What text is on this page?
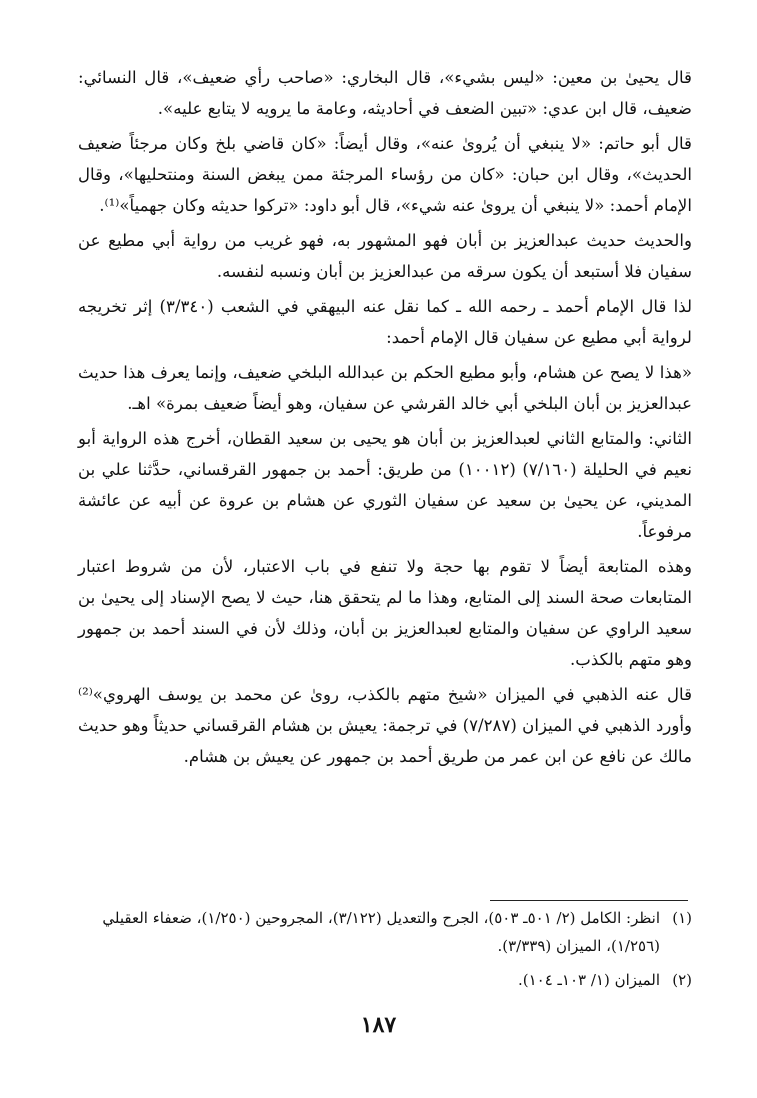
قال يحيىٰ بن معين: «ليس بشيء»، قال البخاري: «صاحب رأي ضعيف»، قال النسائي: ضعيف، قال ابن عدي: «تبين الضعف في أحاديثه، وعامة ما يرويه لا يتابع عليه».

قال أبو حاتم: «لا ينبغي أن يُروىٰ عنه»، وقال أيضاً: «كان قاضي بلخ وكان مرجئاً ضعيف الحديث»، وقال ابن حبان: «كان من رؤساء المرجئة ممن يبغض السنة ومنتحليها»، وقال الإمام أحمد: «لا ينبغي أن يروىٰ عنه شيء»، قال أبو داود: «تركوا حديثه وكان جهمياً»⁽¹⁾.

والحديث حديث عبدالعزيز بن أبان فهو المشهور به، فهو غريب من رواية أبي مطيع عن سفيان فلا أستبعد أن يكون سرقه من عبدالعزيز بن أبان ونسبه لنفسه.

لذا قال الإمام أحمد ـ رحمه الله ـ كما نقل عنه البيهقي في الشعب (٣/٣٤٠) إثر تخريجه لرواية أبي مطيع عن سفيان قال الإمام أحمد:

«هذا لا يصح عن هشام، وأبو مطيع الحكم بن عبدالله البلخي ضعيف، وإنما يعرف هذا حديث عبدالعزيز بن أبان البلخي أبي خالد القرشي عن سفيان، وهو أيضاً ضعيف بمرة» اهـ.

الثاني: والمتابع الثاني لعبدالعزيز بن أبان هو يحيى بن سعيد القطان، أخرج هذه الرواية أبو نعيم في الحليلة (٧/١٦٠) (١٠٠١٢) من طريق: أحمد بن جمهور القرقساني، حدَّثنا علي بن المديني، عن يحيىٰ بن سعيد عن سفيان الثوري عن هشام بن عروة عن أبيه عن عائشة مرفوعاً.

وهذه المتابعة أيضاً لا تقوم بها حجة ولا تنفع في باب الاعتبار، لأن من شروط اعتبار المتابعات صحة السند إلى المتابع، وهذا ما لم يتحقق هنا، حيث لا يصح الإسناد إلى يحيىٰ بن سعيد الراوي عن سفيان والمتابع لعبدالعزيز بن أبان، وذلك لأن في السند أحمد بن جمهور وهو متهم بالكذب.

قال عنه الذهبي في الميزان «شيخ متهم بالكذب، روىٰ عن محمد بن يوسف الهروي»⁽²⁾ وأورد الذهبي في الميزان (٧/٢٨٧) في ترجمة: يعيش بن هشام القرقساني حديثاً وهو حديث مالك عن نافع عن ابن عمر من طريق أحمد بن جمهور عن يعيش بن هشام.

(١)
انظر: الكامل (٢/ ٥٠١ـ ٥٠٣)، الجرح والتعديل (٣/١٢٢)، المجروحين (١/٢٥٠)، ضعفاء العقيلي (١/٢٥٦)، الميزان (٣/٣٣٩).
(٢)
الميزان (١/ ١٠٣ـ ١٠٤).
١٨٧
